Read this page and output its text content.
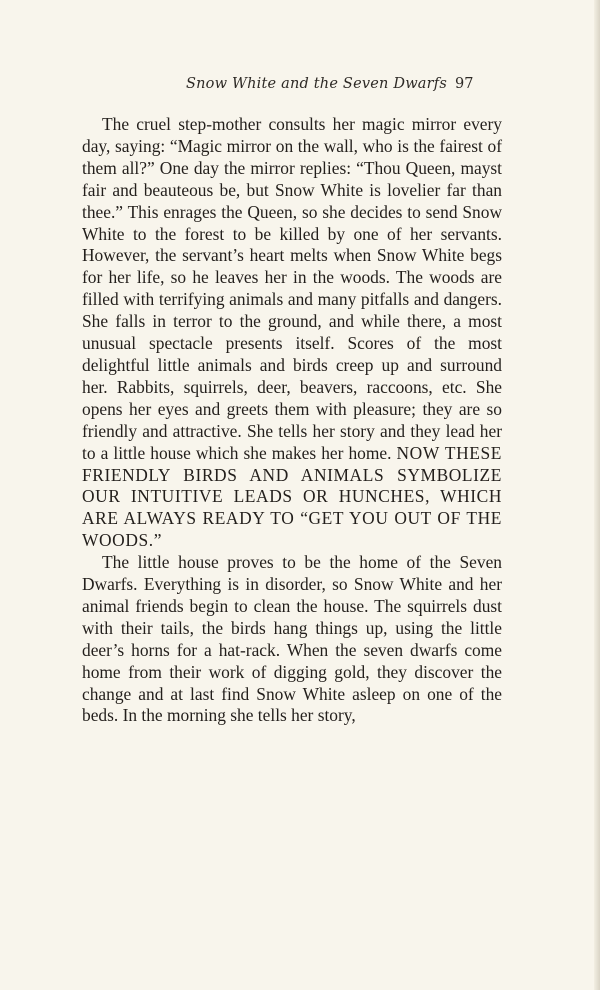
Snow White and the Seven Dwarfs 97

The cruel step-mother consults her magic mirror every day, saying: “Magic mirror on the wall, who is the fairest of them all?” One day the mirror replies: “Thou Queen, mayst fair and beauteous be, but Snow White is lovelier far than thee.” This enrages the Queen, so she decides to send Snow White to the forest to be killed by one of her servants. However, the servant’s heart melts when Snow White begs for her life, so he leaves her in the woods. The woods are filled with terrifying animals and many pitfalls and dangers. She falls in terror to the ground, and while there, a most unusual spectacle presents itself. Scores of the most delightful little animals and birds creep up and surround her. Rabbits, squirrels, deer, beavers, raccoons, etc. She opens her eyes and greets them with pleasure; they are so friendly and attractive. She tells her story and they lead her to a little house which she makes her home. NOW THESE FRIENDLY BIRDS AND ANIMALS SYMBOLIZE OUR INTUITIVE LEADS OR HUNCHES, WHICH ARE ALWAYS READY TO “GET YOU OUT OF THE WOODS.”

The little house proves to be the home of the Seven Dwarfs. Everything is in disorder, so Snow White and her animal friends begin to clean the house. The squirrels dust with their tails, the birds hang things up, using the little deer’s horns for a hat-rack. When the seven dwarfs come home from their work of digging gold, they discover the change and at last find Snow White asleep on one of the beds. In the morning she tells her story,
